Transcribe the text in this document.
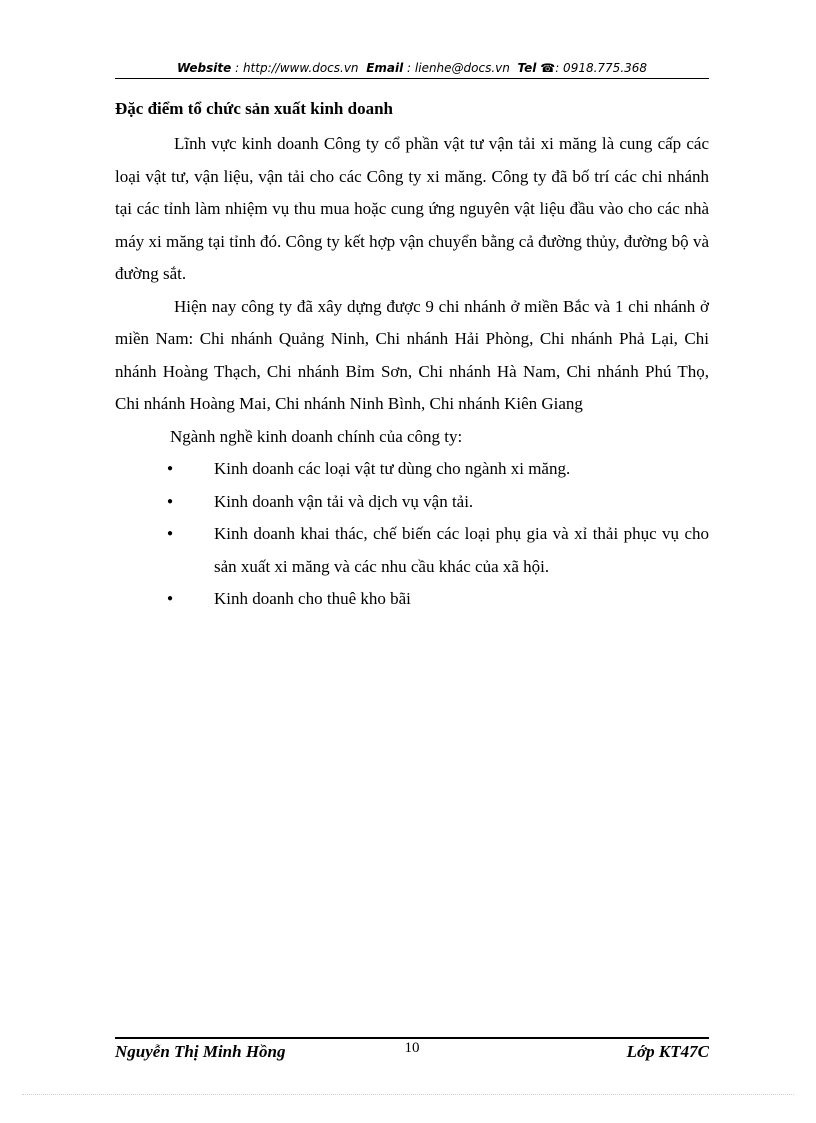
Website : http://www.docs.vn Email : lienhe@docs.vn Tel ☎: 0918.775.368
Đặc điểm tổ chức sản xuất kinh doanh

Lĩnh vực kinh doanh Công ty cổ phần vật tư vận tải xi măng là cung cấp các loại vật tư, vận liệu, vận tải cho các Công ty xi măng. Công ty đã bố trí các chi nhánh tại các tỉnh làm nhiệm vụ thu mua hoặc cung ứng nguyên vật liệu đầu vào cho các nhà máy xi măng tại tỉnh đó. Công ty kết hợp vận chuyển bằng cả đường thủy, đường bộ và đường sắt.

Hiện nay công ty đã xây dựng được 9 chi nhánh ở miền Bắc và 1 chi nhánh ở miền Nam: Chi nhánh Quảng Ninh, Chi nhánh Hải Phòng, Chi nhánh Phả Lại, Chi nhánh Hoàng Thạch, Chi nhánh Bỉm Sơn, Chi nhánh Hà Nam, Chi nhánh Phú Thọ, Chi nhánh Hoàng Mai, Chi nhánh Ninh Bình, Chi nhánh Kiên Giang

Ngành nghề kinh doanh chính của công ty:

● Kinh doanh các loại vật tư dùng cho ngành xi măng.
● Kinh doanh vận tải và dịch vụ vận tải.
● Kinh doanh khai thác, chế biến các loại phụ gia và xỉ thải phục vụ cho sản xuất xi măng và các nhu cầu khác của xã hội.
● Kinh doanh cho thuê kho bãi
Nguyễn Thị Minh Hồng	10	Lớp KT47C
